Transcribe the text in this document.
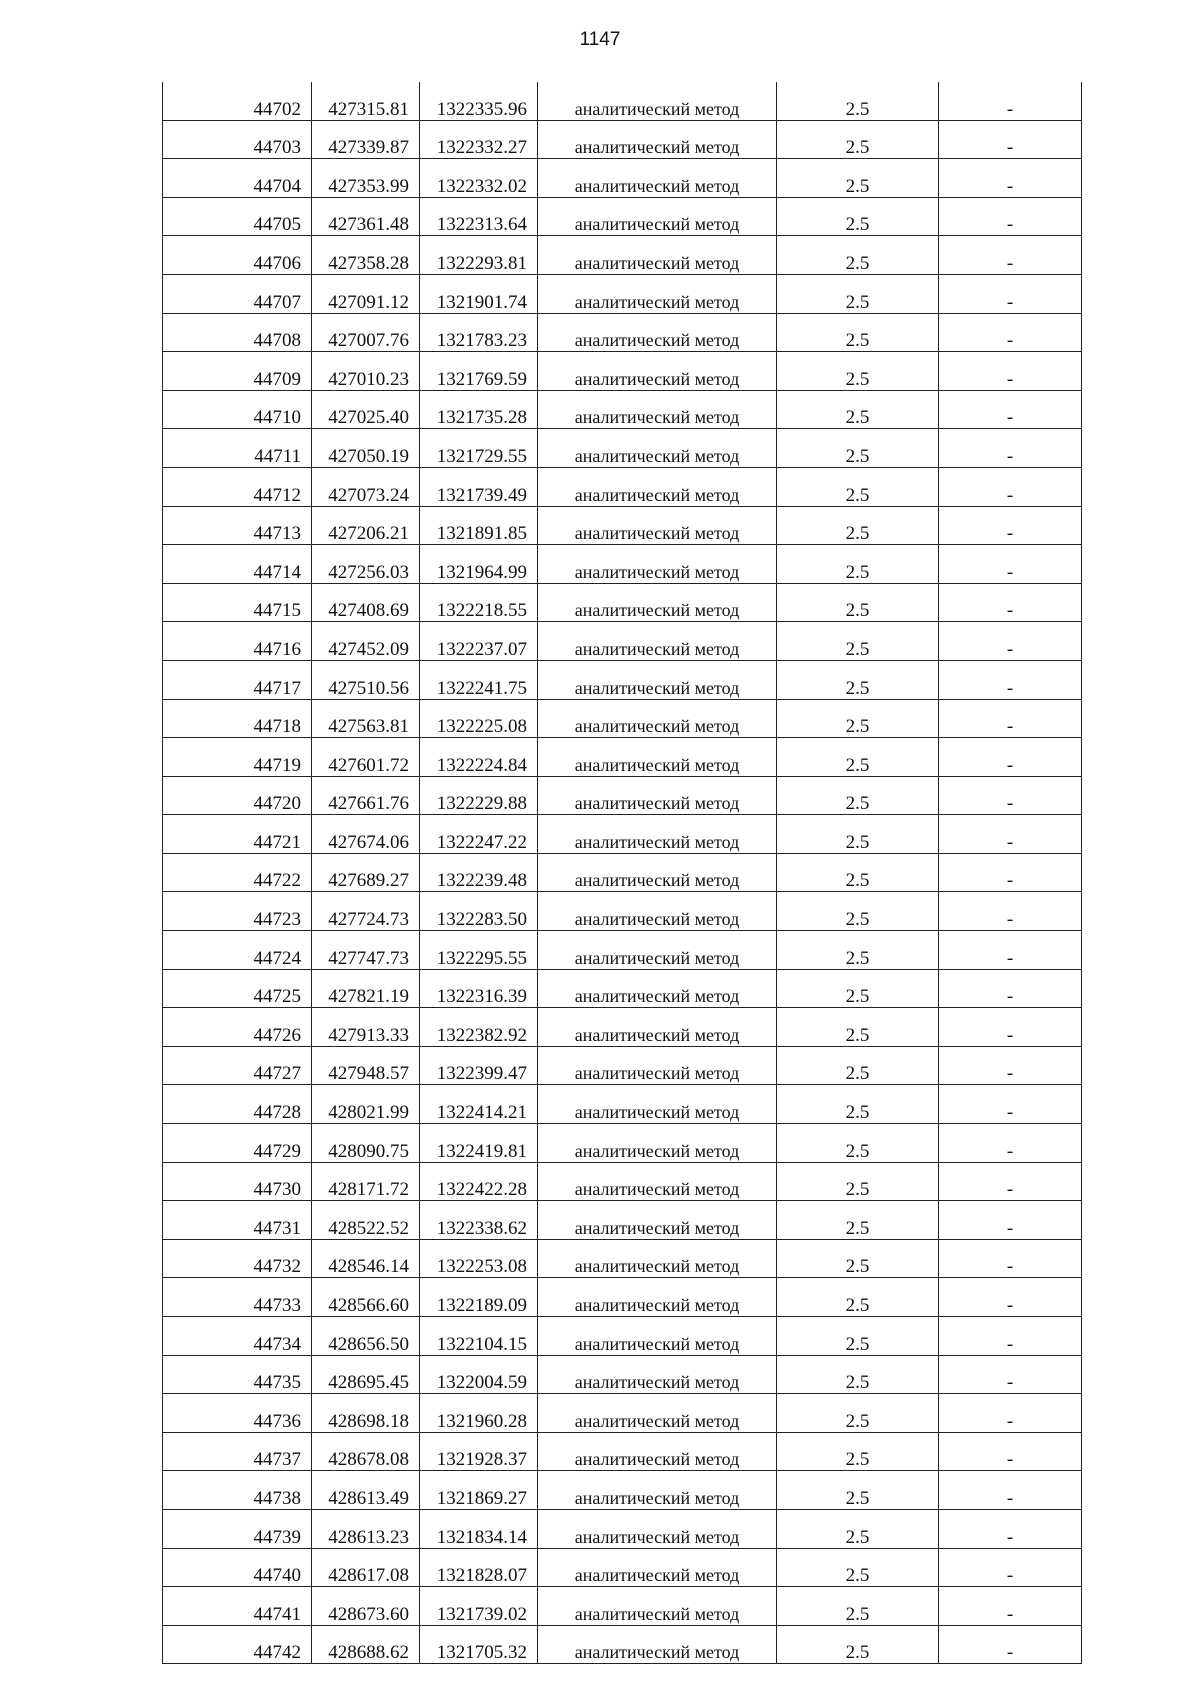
1147
44702	427315.81	1322335.96	аналитический метод	2.5	-
44703	427339.87	1322332.27	аналитический метод	2.5	-
44704	427353.99	1322332.02	аналитический метод	2.5	-
44705	427361.48	1322313.64	аналитический метод	2.5	-
44706	427358.28	1322293.81	аналитический метод	2.5	-
44707	427091.12	1321901.74	аналитический метод	2.5	-
44708	427007.76	1321783.23	аналитический метод	2.5	-
44709	427010.23	1321769.59	аналитический метод	2.5	-
44710	427025.40	1321735.28	аналитический метод	2.5	-
44711	427050.19	1321729.55	аналитический метод	2.5	-
44712	427073.24	1321739.49	аналитический метод	2.5	-
44713	427206.21	1321891.85	аналитический метод	2.5	-
44714	427256.03	1321964.99	аналитический метод	2.5	-
44715	427408.69	1322218.55	аналитический метод	2.5	-
44716	427452.09	1322237.07	аналитический метод	2.5	-
44717	427510.56	1322241.75	аналитический метод	2.5	-
44718	427563.81	1322225.08	аналитический метод	2.5	-
44719	427601.72	1322224.84	аналитический метод	2.5	-
44720	427661.76	1322229.88	аналитический метод	2.5	-
44721	427674.06	1322247.22	аналитический метод	2.5	-
44722	427689.27	1322239.48	аналитический метод	2.5	-
44723	427724.73	1322283.50	аналитический метод	2.5	-
44724	427747.73	1322295.55	аналитический метод	2.5	-
44725	427821.19	1322316.39	аналитический метод	2.5	-
44726	427913.33	1322382.92	аналитический метод	2.5	-
44727	427948.57	1322399.47	аналитический метод	2.5	-
44728	428021.99	1322414.21	аналитический метод	2.5	-
44729	428090.75	1322419.81	аналитический метод	2.5	-
44730	428171.72	1322422.28	аналитический метод	2.5	-
44731	428522.52	1322338.62	аналитический метод	2.5	-
44732	428546.14	1322253.08	аналитический метод	2.5	-
44733	428566.60	1322189.09	аналитический метод	2.5	-
44734	428656.50	1322104.15	аналитический метод	2.5	-
44735	428695.45	1322004.59	аналитический метод	2.5	-
44736	428698.18	1321960.28	аналитический метод	2.5	-
44737	428678.08	1321928.37	аналитический метод	2.5	-
44738	428613.49	1321869.27	аналитический метод	2.5	-
44739	428613.23	1321834.14	аналитический метод	2.5	-
44740	428617.08	1321828.07	аналитический метод	2.5	-
44741	428673.60	1321739.02	аналитический метод	2.5	-
44742	428688.62	1321705.32	аналитический метод	2.5	-
